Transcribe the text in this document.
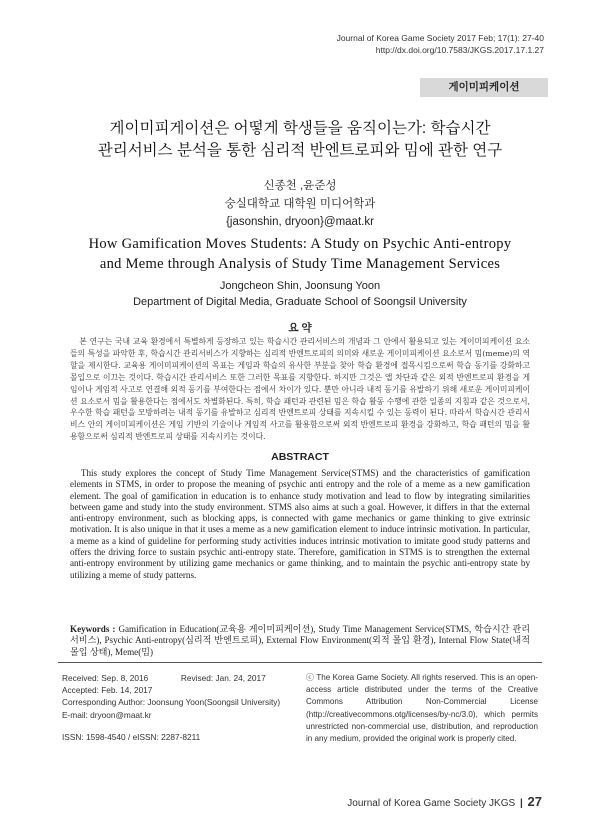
Journal of Korea Game Society 2017 Feb; 17(1): 27-40
http://dx.doi.org/10.7583/JKGS.2017.17.1.27
게이미피케이션
게이미피게이션은 어떻게 학생들을 움직이는가: 학습시간
관리서비스 분석을 통한 심리적 반엔트로피와 밈에 관한 연구
신종천 ,윤준성
숭실대학교 대학원 미디어학과
{jasonshin, dryoon}@maat.kr
How Gamification Moves Students: A Study on Psychic Anti-entropy
and Meme through Analysis of Study Time Management Services
Jongcheon Shin, Joonsung Yoon
Department of Digital Media, Graduate School of Soongsil University
요 약
본 연구는 국내 교육 환경에서 특별하게 등장하고 있는 학습시간 관리서비스의 개념과 그 안에서 활용되고 있는 게이미피케이션 요소들의 특성을 파악한 후, 학습시간 관리서비스가 지향하는 심리적 반엔트로피의 의미와 새로운 게이미피케이션 요소로서 밈(meme)의 역할을 제시한다. 교육용 게이미피케이션의 목표는 게임과 학습의 유사한 부분을 찾아 학습 환경에 접목시킴으로써 학습 동기를 강화하고 몰입으로 이끄는 것이다. 학습시간 관리서비스 또한 그러한 목표를 지향한다. 하지만 그것은 앱 차단과 같은 외적 반엔트로피 환경을 게임이나 게임적 사고로 연결해 외적 동기를 부여한다는 점에서 차이가 있다. 뿐만 아니라 내적 동기를 유발하기 위해 새로운 게이미피케이션 요소로서 밈을 활용한다는 점에서도 차별화된다. 특히, 학습 패턴과 관련된 밈은 학습 활동 수행에 관한 일종의 지침과 같은 것으로서, 우수한 학습 패턴을 모방하려는 내적 동기를 유발하고 심리적 반엔트로피 상태를 지속시킬 수 있는 동력이 된다. 따라서 학습시간 관리서비스 안의 게이미피케이션은 게임 기반의 기술이나 게임적 사고를 활용함으로써 외적 반엔트로피 환경을 강화하고, 학습 패턴의 밈을 활용함으로써 심리적 반엔트로피 상태를 지속시키는 것이다.
ABSTRACT
This study explores the concept of Study Time Management Service(STMS) and the characteristics of gamification elements in STMS, in order to propose the meaning of psychic anti entropy and the role of a meme as a new gamification element. The goal of gamification in education is to enhance study motivation and lead to flow by integrating similarities between game and study into the study environment. STMS also aims at such a goal. However, it differs in that the external anti-entropy environment, such as blocking apps, is connected with game mechanics or game thinking to give extrinsic motivation. It is also unique in that it uses a meme as a new gamification element to induce intrinsic motivation. In particular, a meme as a kind of guideline for performing study activities induces intrinsic motivation to imitate good study patterns and offers the driving force to sustain psychic anti-entropy state. Therefore, gamification in STMS is to strengthen the external anti-entropy environment by utilizing game mechanics or game thinking, and to maintain the psychic anti-entropy state by utilizing a meme of study patterns.
Keywords : Gamification in Education(교육용 게이미피케이션), Study Time Management Service(STMS, 학습시간 관리서비스), Psychic Anti-entropy(심리적 반엔트로피), External Flow Environment(외적 몰입 환경), Internal Flow State(내적 몰입 상태), Meme(밈)
Received: Sep. 8, 2016	Revised: Jan. 24, 2017
Accepted: Feb. 14, 2017
Corresponding Author: Joonsung Yoon(Soongsil University)
E-mail: dryoon@maat.kr
ISSN: 1598-4540 / eISSN: 2287-8211
ⓒ The Korea Game Society. All rights reserved. This is an open-access article distributed under the terms of the Creative Commons Attribution Non-Commercial License (http://creativecommons.otg/licenses/by-nc/3.0), which permits unrestricted non-commercial use, distribution, and reproduction in any medium, provided the original work is properly cited.
Journal of Korea Game Society JKGS | 27
